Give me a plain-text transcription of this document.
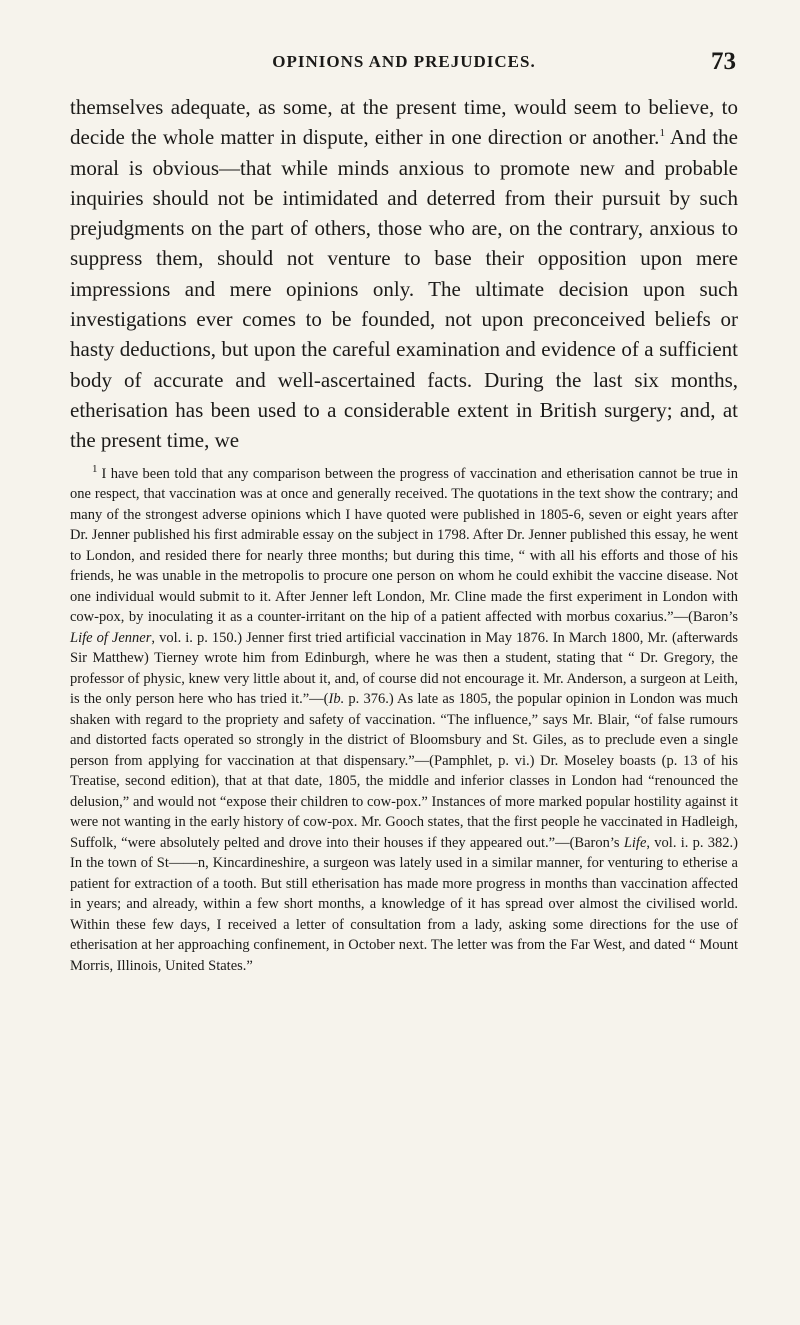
OPINIONS AND PREJUDICES.	73

themselves adequate, as some, at the present time, would seem to believe, to decide the whole matter in dispute, either in one direction or another.$^1$ And the moral is obvious—that while minds anxious to promote new and probable inquiries should not be intimidated and deterred from their pursuit by such prejudgments on the part of others, those who are, on the contrary, anxious to suppress them, should not venture to base their opposition upon mere impressions and mere opinions only. The ultimate decision upon such investigations ever comes to be founded, not upon preconceived beliefs or hasty deductions, but upon the careful examination and evidence of a sufficient body of accurate and well-ascertained facts. During the last six months, etherisation has been used to a considerable extent in British surgery; and, at the present time, we

$^1$ I have been told that any comparison between the progress of vaccination and etherisation cannot be true in one respect, that vaccination was at once and generally received. The quotations in the text show the contrary; and many of the strongest adverse opinions which I have quoted were published in 1805-6, seven or eight years after Dr. Jenner published his first admirable essay on the subject in 1798. After Dr. Jenner published this essay, he went to London, and resided there for nearly three months; but during this time, “ with all his efforts and those of his friends, he was unable in the metropolis to procure one person on whom he could exhibit the vaccine disease. Not one individual would submit to it. After Jenner left London, Mr. Cline made the first experiment in London with cow-pox, by inoculating it as a counter-irritant on the hip of a patient affected with morbus coxarius.”—(Baron’s Life of Jenner, vol. i. p. 150.) Jenner first tried artificial vaccination in May 1876. In March 1800, Mr. (afterwards Sir Matthew) Tierney wrote him from Edinburgh, where he was then a student, stating that “ Dr. Gregory, the professor of physic, knew very little about it, and, of course did not encourage it. Mr. Anderson, a surgeon at Leith, is the only person here who has tried it.”—(Ib. p. 376.) As late as 1805, the popular opinion in London was much shaken with regard to the propriety and safety of vaccination. “The influence,” says Mr. Blair, “of false rumours and distorted facts operated so strongly in the district of Bloomsbury and St. Giles, as to preclude even a single person from applying for vaccination at that dispensary.”—(Pamphlet, p. vi.) Dr. Moseley boasts (p. 13 of his Treatise, second edition), that at that date, 1805, the middle and inferior classes in London had “renounced the delusion,” and would not “expose their children to cow-pox.” Instances of more marked popular hostility against it were not wanting in the early history of cow-pox. Mr. Gooch states, that the first people he vaccinated in Hadleigh, Suffolk, “were absolutely pelted and drove into their houses if they appeared out.”—(Baron’s Life, vol. i. p. 382.) In the town of St——n, Kincardineshire, a surgeon was lately used in a similar manner, for venturing to etherise a patient for extraction of a tooth. But still etherisation has made more progress in months than vaccination affected in years; and already, within a few short months, a knowledge of it has spread over almost the civilised world. Within these few days, I received a letter of consultation from a lady, asking some directions for the use of etherisation at her approaching confinement, in October next. The letter was from the Far West, and dated “ Mount Morris, Illinois, United States.”
